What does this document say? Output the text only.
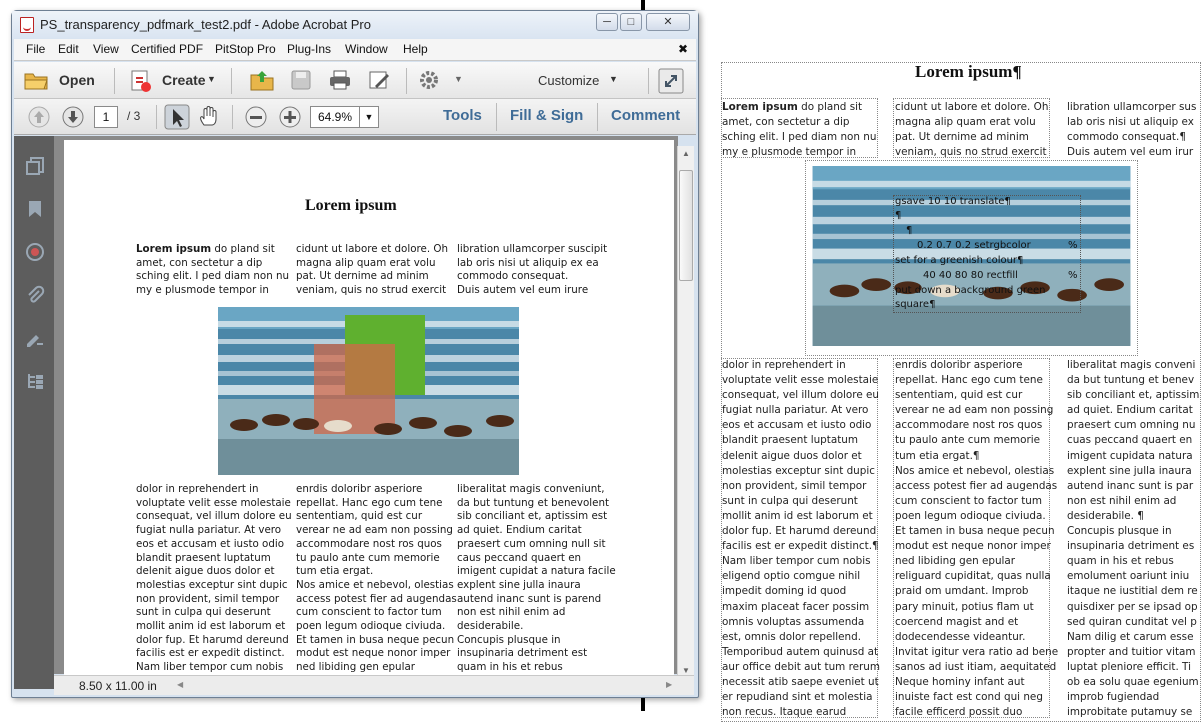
Lorem ipsum¶
Lorem ipsum do pland sit
amet, con sectetur a dip
sching elit. I ped diam non nu
my e plusmode tempor in
cidunt ut labore et dolore. Oh
magna alip quam erat volu
pat. Ut dernime ad minim
veniam, quis no strud exercit
libration ullamcorper sus
lab oris nisi ut aliquip ex
commodo consequat.¶
Duis autem vel eum irur
gsave 10 10 translate¶
¶
¶
0.2 0.7 0.2 setrgbcolor	%
set for a greenish colour¶
40 40 80 80 rectfill	%
put down a background green
square¶
dolor in reprehendert in
voluptate velit esse molestaie
consequat, vel illum dolore eu
fugiat nulla pariatur. At vero
eos et accusam et iusto odio
blandit praesent luptatum
delenit aigue duos dolor et
molestias exceptur sint dupic
non provident, simil tempor
sunt in culpa qui deserunt
mollit anim id est laborum et
dolor fup. Et harumd dereund
facilis est er expedit distinct.¶
Nam liber tempor cum nobis
eligend optio comgue nihil
impedit doming id quod
maxim placeat facer possim
omnis voluptas assumenda
est, omnis dolor repellend.
Temporibud autem quinusd at
aur office debit aut tum rerum
necessit atib saepe eveniet ut
er repudiand sint et molestia
non recus. Itaque earud
enrdis doloribr asperiore
repellat. Hanc ego cum tene
sententiam, quid est cur
verear ne ad eam non possing
accommodare nost ros quos
tu paulo ante cum memorie
tum etia ergat.¶
Nos amice et nebevol, olestias
access potest fier ad augendas
cum conscient to factor tum
poen legum odioque civiuda.
Et tamen in busa neque pecun
modut est neque nonor imper
ned libiding gen epular
religuard cupiditat, quas nulla
praid om umdant. Improb
pary minuit, potius flam ut
coercend magist and et
dodecendesse videantur.
Invitat igitur vera ratio ad bene
sanos ad iust itiam, aequitated
Neque hominy infant aut
inuiste fact est cond qui neg
facile efficerd possit duo
liberalitat magis conveni
da but tuntung et benev
sib conciliant et, aptissim
ad quiet. Endium caritat
praesert cum omning nu
cuas peccand quaert en
imigent cupidata natura
explent sine julla inaura
autend inanc sunt is par
non est nihil enim ad
desiderabile. ¶
Concupis plusque in
insupinaria detriment es
quam in his et rebus
emolument oariunt iniu
itaque ne iustitial dem re
quisdixer per se ipsad op
sed quiran cunditat vel p
Nam dilig et carum esse
propter and tuitior vitam
luptat pleniore efficit. Ti
ob ea solu quae egenium
improb fugiendad
improbitate putamuy se
PS_transparency_pdfmark_test2.pdf - Adobe Acrobat Pro	─	□	✕
File Edit View Certified PDF PitStop Pro Plug-Ins Window Help	✖
Open	Create ▼	▼	Customize ▼
1	/ 3	64.9%	▼	Tools Fill & Sign Comment
▲
▼
8.50 x 11.00 in	◀	▶
Lorem ipsum
Lorem ipsum do pland sit
amet, con sectetur a dip
sching elit. I ped diam non nu
my e plusmode tempor in
cidunt ut labore et dolore. Oh
magna alip quam erat volu
pat. Ut dernime ad minim
veniam, quis no strud exercit
libration ullamcorper suscipit
lab oris nisi ut aliquip ex ea
commodo consequat.
Duis autem vel eum irure
dolor in reprehendert in
voluptate velit esse molestaie
consequat, vel illum dolore eu
fugiat nulla pariatur. At vero
eos et accusam et iusto odio
blandit praesent luptatum
delenit aigue duos dolor et
molestias exceptur sint dupic
non provident, simil tempor
sunt in culpa qui deserunt
mollit anim id est laborum et
dolor fup. Et harumd dereund
facilis est er expedit distinct.
Nam liber tempor cum nobis
enrdis doloribr asperiore
repellat. Hanc ego cum tene
sententiam, quid est cur
verear ne ad eam non possing
accommodare nost ros quos
tu paulo ante cum memorie
tum etia ergat.
Nos amice et nebevol, olestias
access potest fier ad augendas
cum conscient to factor tum
poen legum odioque civiuda.
Et tamen in busa neque pecun
modut est neque nonor imper
ned libiding gen epular
liberalitat magis conveniunt,
da but tuntung et benevolent
sib conciliant et, aptissim est
ad quiet. Endium caritat
praesert cum omning null sit
caus peccand quaert en
imigent cupidat a natura facile
explent sine julla inaura
autend inanc sunt is parend
non est nihil enim ad
desiderabile.
Concupis plusque in
insupinaria detriment est
quam in his et rebus
